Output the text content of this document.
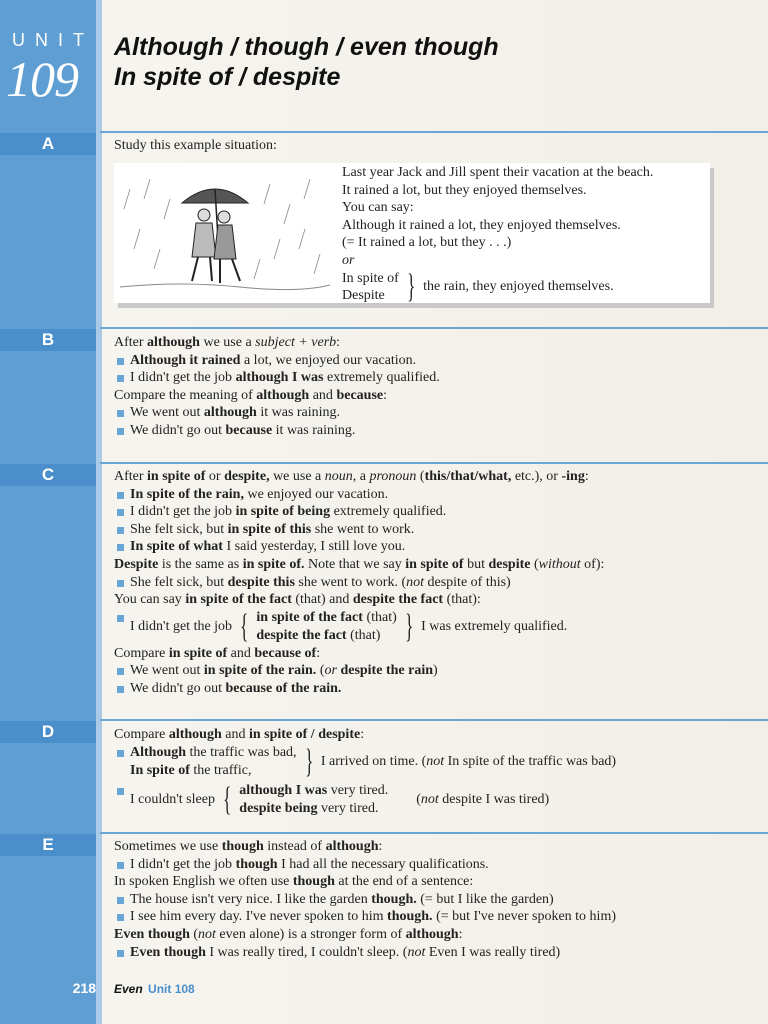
UNIT
109
Although / though / even though
In spite of / despite
A	Study this example situation:
Last year Jack and Jill spent their vacation at the beach.
It rained a lot, but they enjoyed themselves.
You can say:
Although it rained a lot, they enjoyed themselves.
(= It rained a lot, but they . . .)
or
In spite of
Despite } the rain, they enjoyed themselves.
B	After although we use a subject + verb:
Although it rained a lot, we enjoyed our vacation.
I didn't get the job although I was extremely qualified.
Compare the meaning of although and because:
We went out although it was raining.
We didn't go out because it was raining.
C	After in spite of or despite, we use a noun, a pronoun (this/that/what, etc.), or -ing:
In spite of the rain, we enjoyed our vacation.
I didn't get the job in spite of being extremely qualified.
She felt sick, but in spite of this she went to work.
In spite of what I said yesterday, I still love you.
Despite is the same as in spite of. Note that we say in spite of but despite (without of):
She felt sick, but despite this she went to work. (not despite of this)
You can say in spite of the fact (that) and despite the fact (that):
I didn't get the job { in spite of the fact (that)
despite the fact (that) } I was extremely qualified.
Compare in spite of and because of:
We went out in spite of the rain. (or despite the rain)
We didn't go out because of the rain.
D	Compare although and in spite of / despite:
Although the traffic was bad,
In spite of the traffic,	} I arrived on time. (not In spite of the traffic was bad)
I couldn't sleep { although I was very tired.
despite being very tired.
(not despite I was tired)
E	Sometimes we use though instead of although:
I didn't get the job though I had all the necessary qualifications.
In spoken English we often use though at the end of a sentence:
The house isn't very nice. I like the garden though. (= but I like the garden)
I see him every day. I've never spoken to him though. (= but I've never spoken to him)
Even though (not even alone) is a stronger form of although:
Even though I was really tired, I couldn't sleep. (not Even I was really tired)
218 Even Unit 108
